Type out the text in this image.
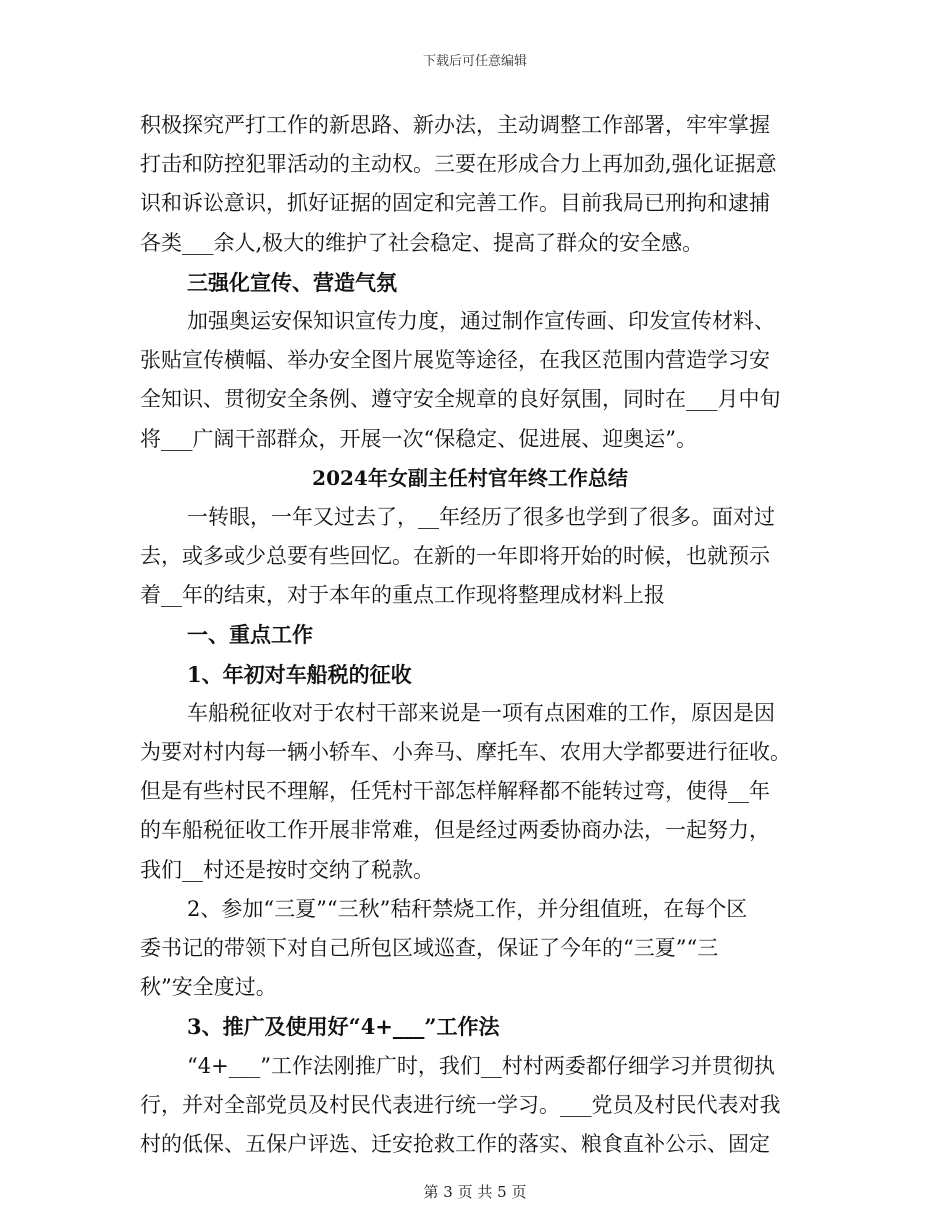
下载后可任意编辑
积极探究严打工作的新思路、新办法，主动调整工作部署，牢牢掌握
打击和防控犯罪活动的主动权。三要在形成合力上再加劲,强化证据意
识和诉讼意识，抓好证据的固定和完善工作。目前我局已刑拘和逮捕
各类___余人,极大的维护了社会稳定、提高了群众的安全感。
三强化宣传、营造气氛
加强奥运安保知识宣传力度，通过制作宣传画、印发宣传材料、
张贴宣传横幅、举办安全图片展览等途径，在我区范围内营造学习安
全知识、贯彻安全条例、遵守安全规章的良好氛围，同时在___月中旬
将___广阔干部群众，开展一次“保稳定、促进展、迎奥运”。
2024年女副主任村官年终工作总结
一转眼，一年又过去了，__年经历了很多也学到了很多。面对过
去，或多或少总要有些回忆。在新的一年即将开始的时候，也就预示
着__年的结束，对于本年的重点工作现将整理成材料上报
一、重点工作
1、年初对车船税的征收
车船税征收对于农村干部来说是一项有点困难的工作，原因是因
为要对村内每一辆小轿车、小奔马、摩托车、农用大学都要进行征收。
但是有些村民不理解，任凭村干部怎样解释都不能转过弯，使得__年
的车船税征收工作开展非常难，但是经过两委协商办法，一起努力，
我们__村还是按时交纳了税款。
2、参加“三夏”“三秋”秸秆禁烧工作，并分组值班，在每个区
委书记的带领下对自己所包区域巡查，保证了今年的“三夏”“三
秋”安全度过。
3、推广及使用好“4+___”工作法
“4+___”工作法刚推广时，我们__村村两委都仔细学习并贯彻执
行，并对全部党员及村民代表进行统一学习。___党员及村民代表对我
村的低保、五保户评选、迁安抢救工作的落实、粮食直补公示、固定
第 3 页 共 5 页
